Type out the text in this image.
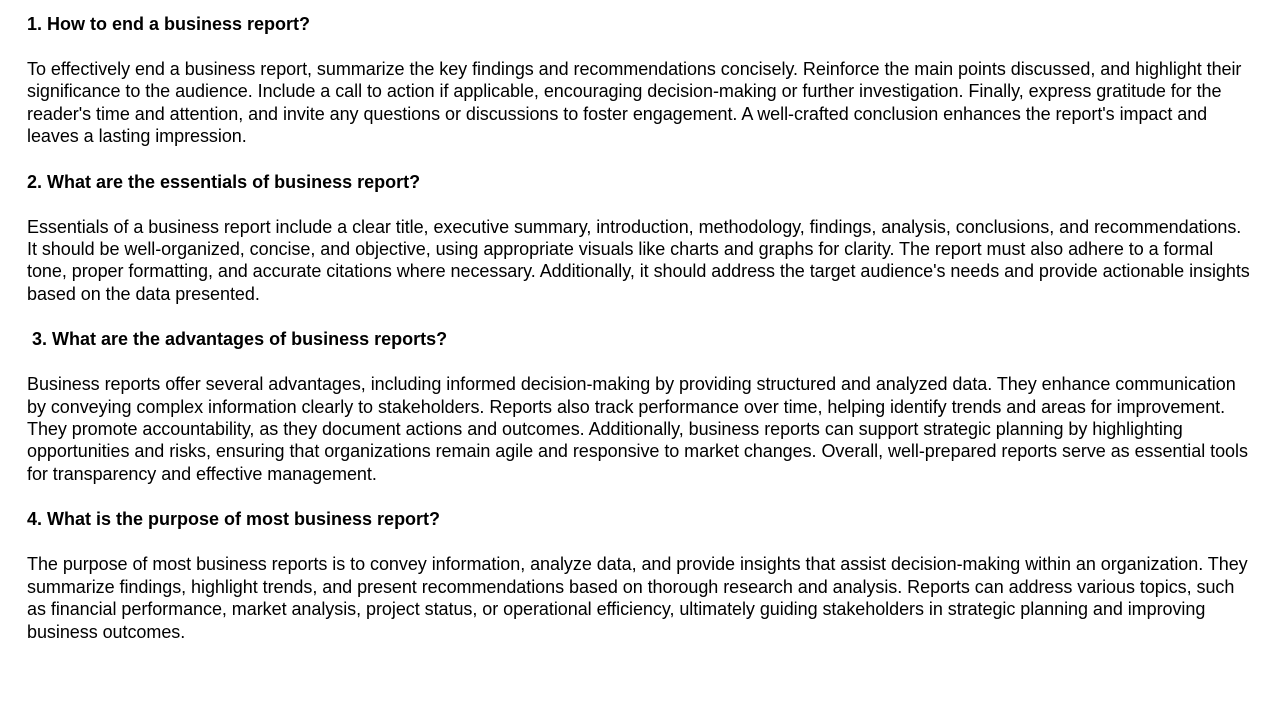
1. How to end a business report?

To effectively end a business report, summarize the key findings and recommendations concisely. Reinforce the main points discussed, and highlight their significance to the audience. Include a call to action if applicable, encouraging decision-making or further investigation. Finally, express gratitude for the reader's time and attention, and invite any questions or discussions to foster engagement. A well-crafted conclusion enhances the report's impact and leaves a lasting impression.

2. What are the essentials of business report?

Essentials of a business report include a clear title, executive summary, introduction, methodology, findings, analysis, conclusions, and recommendations. It should be well-organized, concise, and objective, using appropriate visuals like charts and graphs for clarity. The report must also adhere to a formal tone, proper formatting, and accurate citations where necessary. Additionally, it should address the target audience's needs and provide actionable insights based on the data presented.

3. What are the advantages of business reports?

Business reports offer several advantages, including informed decision-making by providing structured and analyzed data. They enhance communication by conveying complex information clearly to stakeholders. Reports also track performance over time, helping identify trends and areas for improvement. They promote accountability, as they document actions and outcomes. Additionally, business reports can support strategic planning by highlighting opportunities and risks, ensuring that organizations remain agile and responsive to market changes. Overall, well-prepared reports serve as essential tools for transparency and effective management.

4. What is the purpose of most business report?

The purpose of most business reports is to convey information, analyze data, and provide insights that assist decision-making within an organization. They summarize findings, highlight trends, and present recommendations based on thorough research and analysis. Reports can address various topics, such as financial performance, market analysis, project status, or operational efficiency, ultimately guiding stakeholders in strategic planning and improving business outcomes.
